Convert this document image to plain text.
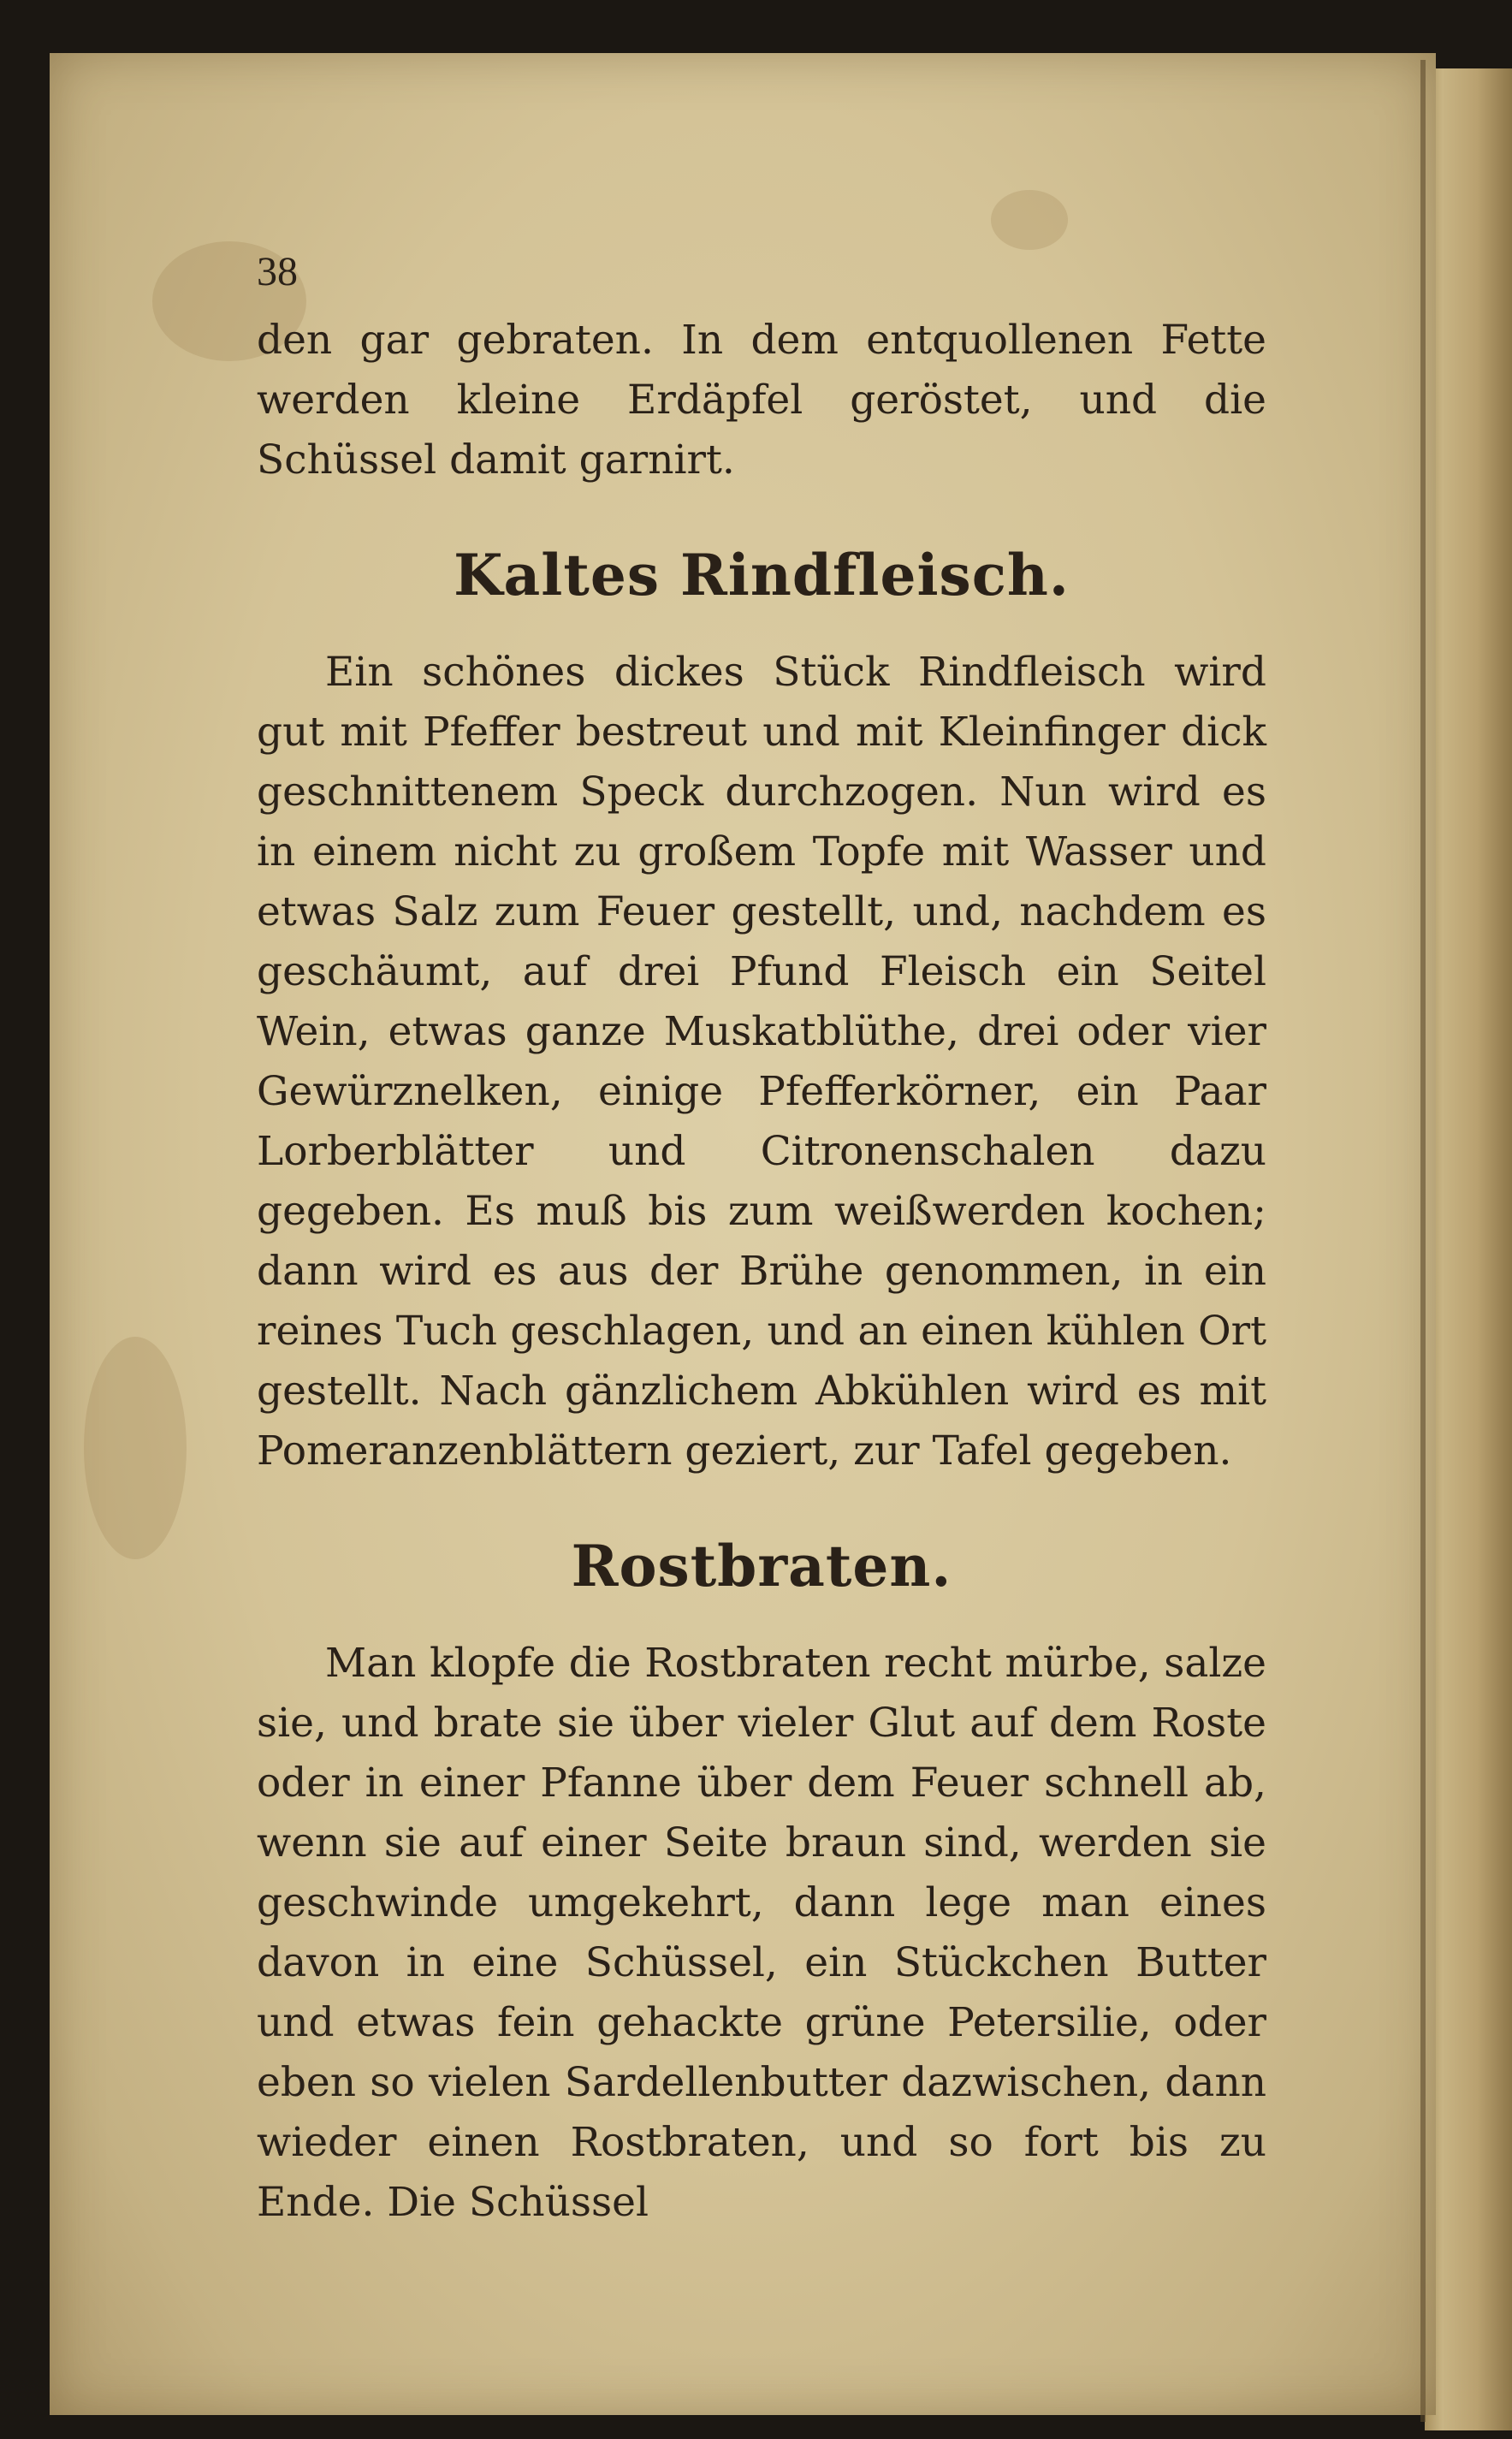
38

den gar gebraten. In dem entquollenen Fette werden kleine Erdäpfel geröstet, und die Schüssel damit garnirt.

Kaltes Rindfleisch.

Ein schönes dickes Stück Rindfleisch wird gut mit Pfeffer bestreut und mit Kleinfinger dick geschnittenem Speck durchzogen. Nun wird es in einem nicht zu großem Topfe mit Wasser und etwas Salz zum Feuer gestellt, und, nachdem es geschäumt, auf drei Pfund Fleisch ein Seitel Wein, etwas ganze Muskatblüthe, drei oder vier Gewürznelken, einige Pfefferkörner, ein Paar Lorberblätter und Citronenschalen dazu gegeben. Es muß bis zum weißwerden kochen; dann wird es aus der Brühe genommen, in ein reines Tuch geschlagen, und an einen kühlen Ort gestellt. Nach gänzlichem Abkühlen wird es mit Pomeranzenblättern geziert, zur Tafel gegeben.

Rostbraten.

Man klopfe die Rostbraten recht mürbe, salze sie, und brate sie über vieler Glut auf dem Roste oder in einer Pfanne über dem Feuer schnell ab, wenn sie auf einer Seite braun sind, werden sie geschwinde umgekehrt, dann lege man eines davon in eine Schüssel, ein Stückchen Butter und etwas fein gehackte grüne Petersilie, oder eben so vielen Sardellenbutter dazwischen, dann wieder einen Rostbraten, und so fort bis zu Ende. Die Schüssel
